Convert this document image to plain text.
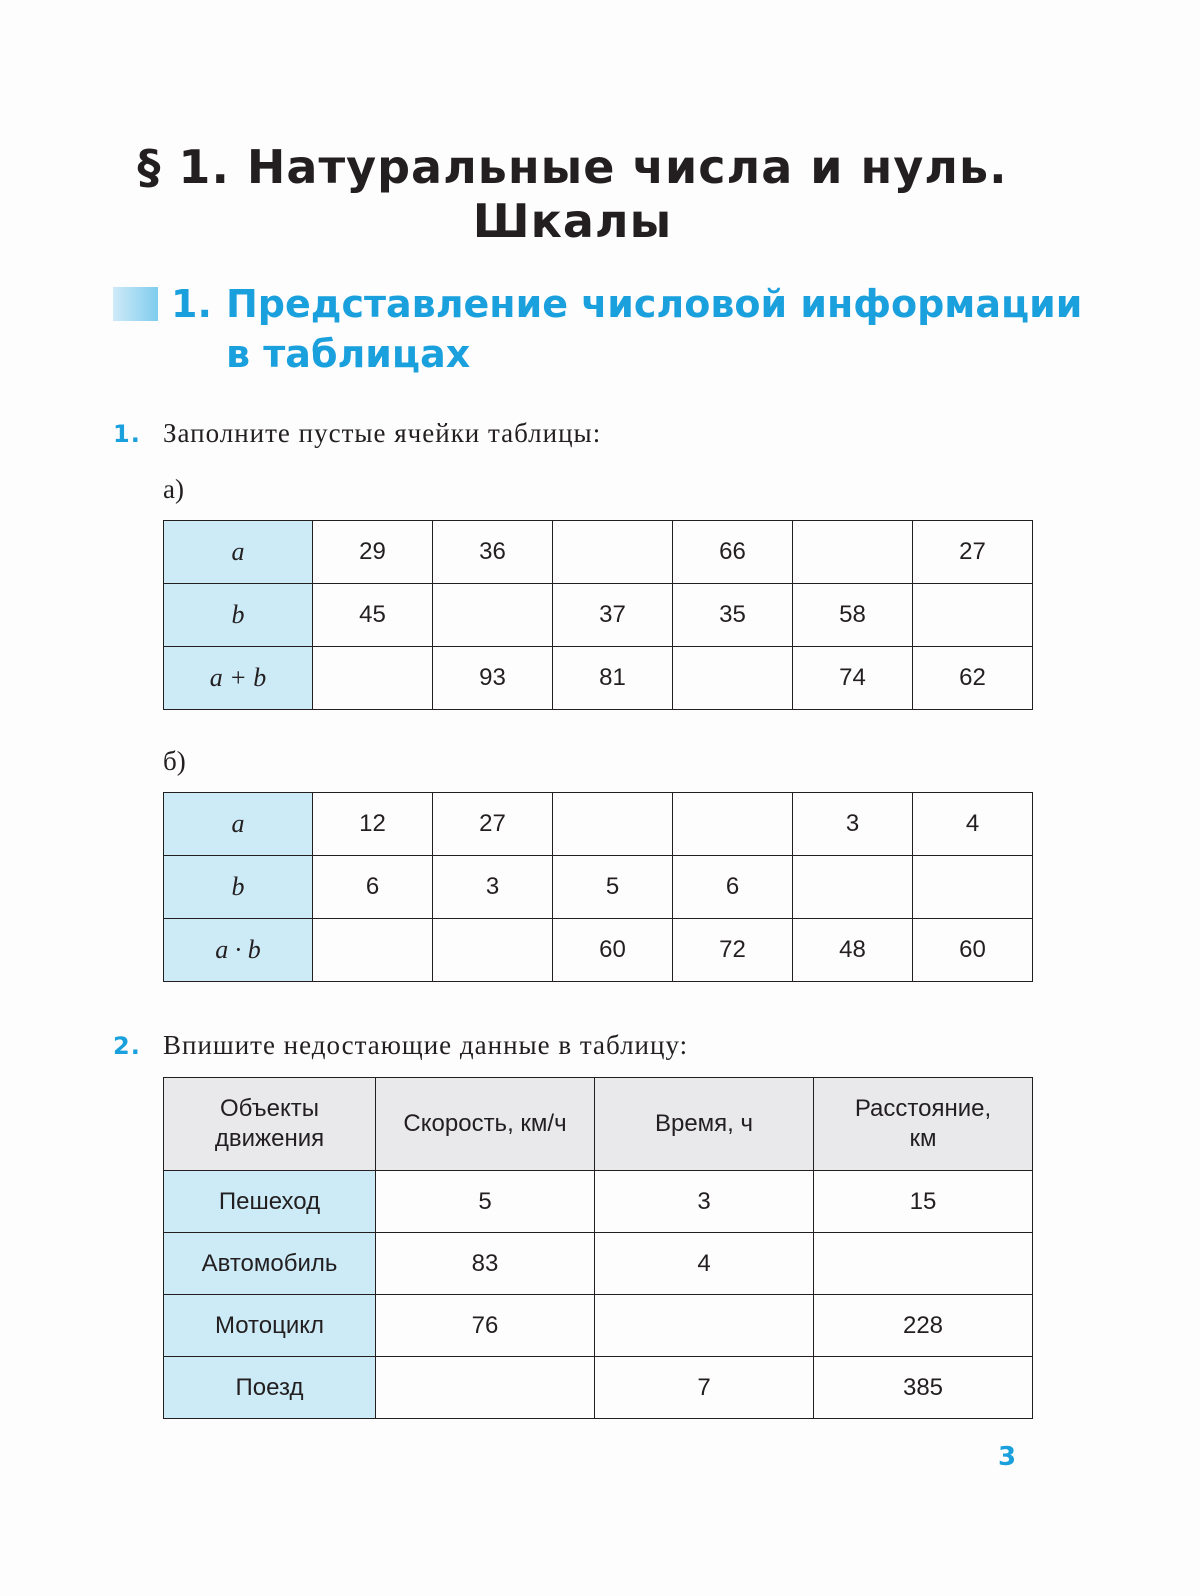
§ 1. Натуральные числа и нуль.
Шкалы
1. Представление числовой информации
в таблицах
1. Заполните пустые ячейки таблицы:
а)
a	29	36		66		27
b	45		37	35	58	
a + b		93	81		74	62
б)
a	12	27			3	4
b	6	3	5	6		
a · b			60	72	48	60
2. Впишите недостающие данные в таблицу:
Объекты движения	Скорость, км/ч	Время, ч	Расстояние, км

Пешеход	5	3	15
Автомобиль	83	4	
Мотоцикл	76		228
Поезд		7	385
3
